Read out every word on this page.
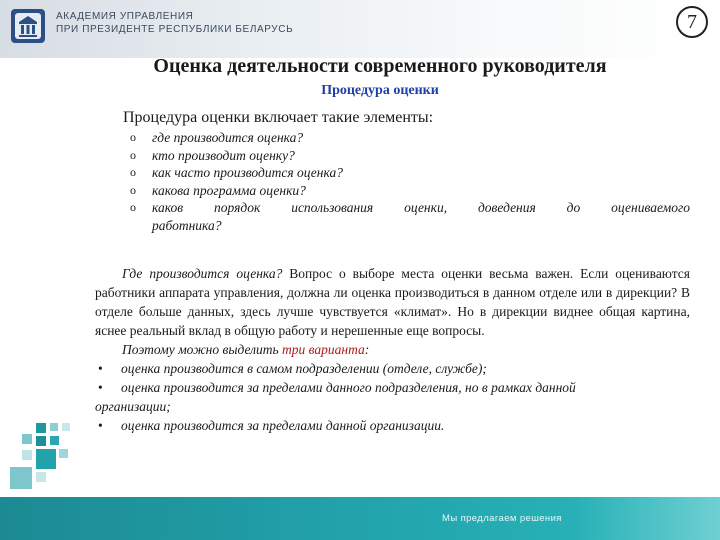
АКАДЕМИЯ УПРАВЛЕНИЯ
ПРИ ПРЕЗИДЕНТЕ РЕСПУБЛИКИ БЕЛАРУСЬ	7
Оценка деятельности современного руководителя
Процедура оценки
Процедура оценки включает такие элементы:
o где производится оценка?
o кто производит оценку?
o как часто производится оценка?
o какова программа оценки?
o каков порядок использования оценки, доведения до оцениваемого
работника?

Где производится оценка? Вопрос о выборе места оценки весьма важен. Если оцениваются работники аппарата управления, должна ли оценка производиться в данном отделе или в дирекции? В отделе больше данных, здесь лучше чувствуется «климат». Но в дирекции виднее общая картина, яснее реальный вклад в общую работу и нерешенные еще вопросы.

Поэтому можно выделить три варианта:

• оценка производится в самом подразделении (отделе, службе);
• оценка производится за пределами данного подразделения, но в рамках данной
организации;
• оценка производится за пределами данной организации.
Мы предлагаем решения
